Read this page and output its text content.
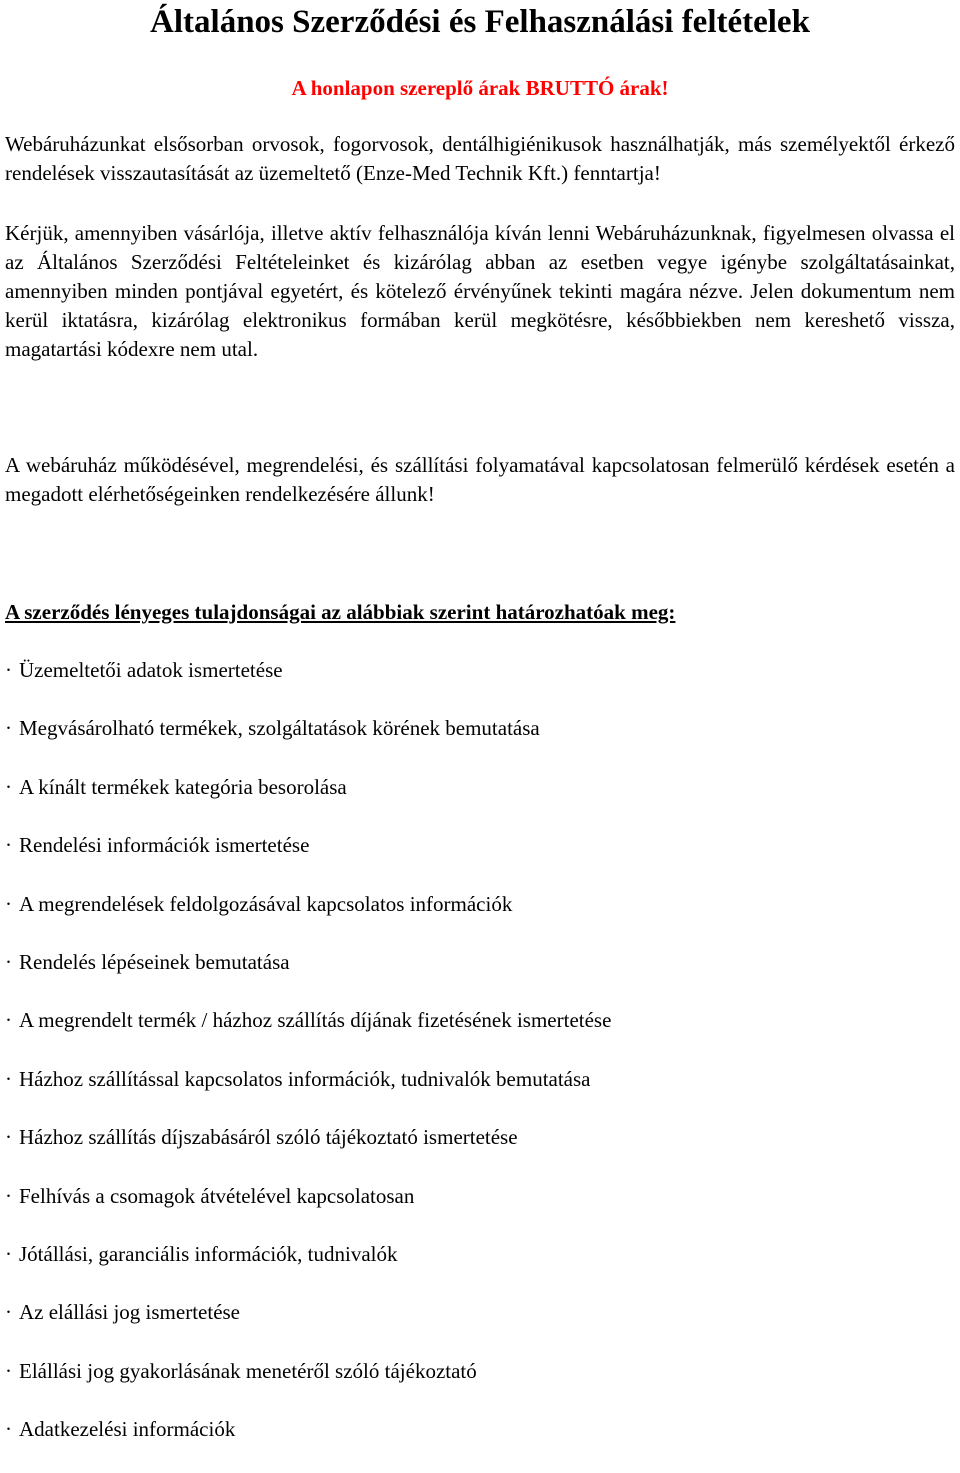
Általános Szerződési és Felhasználási feltételek

A honlapon szereplő árak BRUTTÓ árak!

Webáruházunkat elsősorban orvosok, fogorvosok, dentálhigiénikusok használhatják, más személyektől érkező rendelések visszautasítását az üzemeltető (Enze-Med Technik Kft.) fenntartja!

Kérjük, amennyiben vásárlója, illetve aktív felhasználója kíván lenni Webáruházunknak, figyelmesen olvassa el az Általános Szerződési Feltételeinket és kizárólag abban az esetben vegye igénybe szolgáltatásainkat, amennyiben minden pontjával egyetért, és kötelező érvényűnek tekinti magára nézve. Jelen dokumentum nem kerül iktatásra, kizárólag elektronikus formában kerül megkötésre, későbbiekben nem kereshető vissza, magatartási kódexre nem utal.

A webáruház működésével, megrendelési, és szállítási folyamatával kapcsolatosan felmerülő kérdések esetén a megadott elérhetőségeinken rendelkezésére állunk!

A szerződés lényeges tulajdonságai az alábbiak szerint határozhatóak meg:
· Üzemeltetői adatok ismertetése
· Megvásárolható termékek, szolgáltatások körének bemutatása
· A kínált termékek kategória besorolása
· Rendelési információk ismertetése
· A megrendelések feldolgozásával kapcsolatos információk
· Rendelés lépéseinek bemutatása
· A megrendelt termék / házhoz szállítás díjának fizetésének ismertetése
· Házhoz szállítással kapcsolatos információk, tudnivalók bemutatása
· Házhoz szállítás díjszabásáról szóló tájékoztató ismertetése
· Felhívás a csomagok átvételével kapcsolatosan
· Jótállási, garanciális információk, tudnivalók
· Az elállási jog ismertetése
· Elállási jog gyakorlásának menetéről szóló tájékoztató
· Adatkezelési információk
